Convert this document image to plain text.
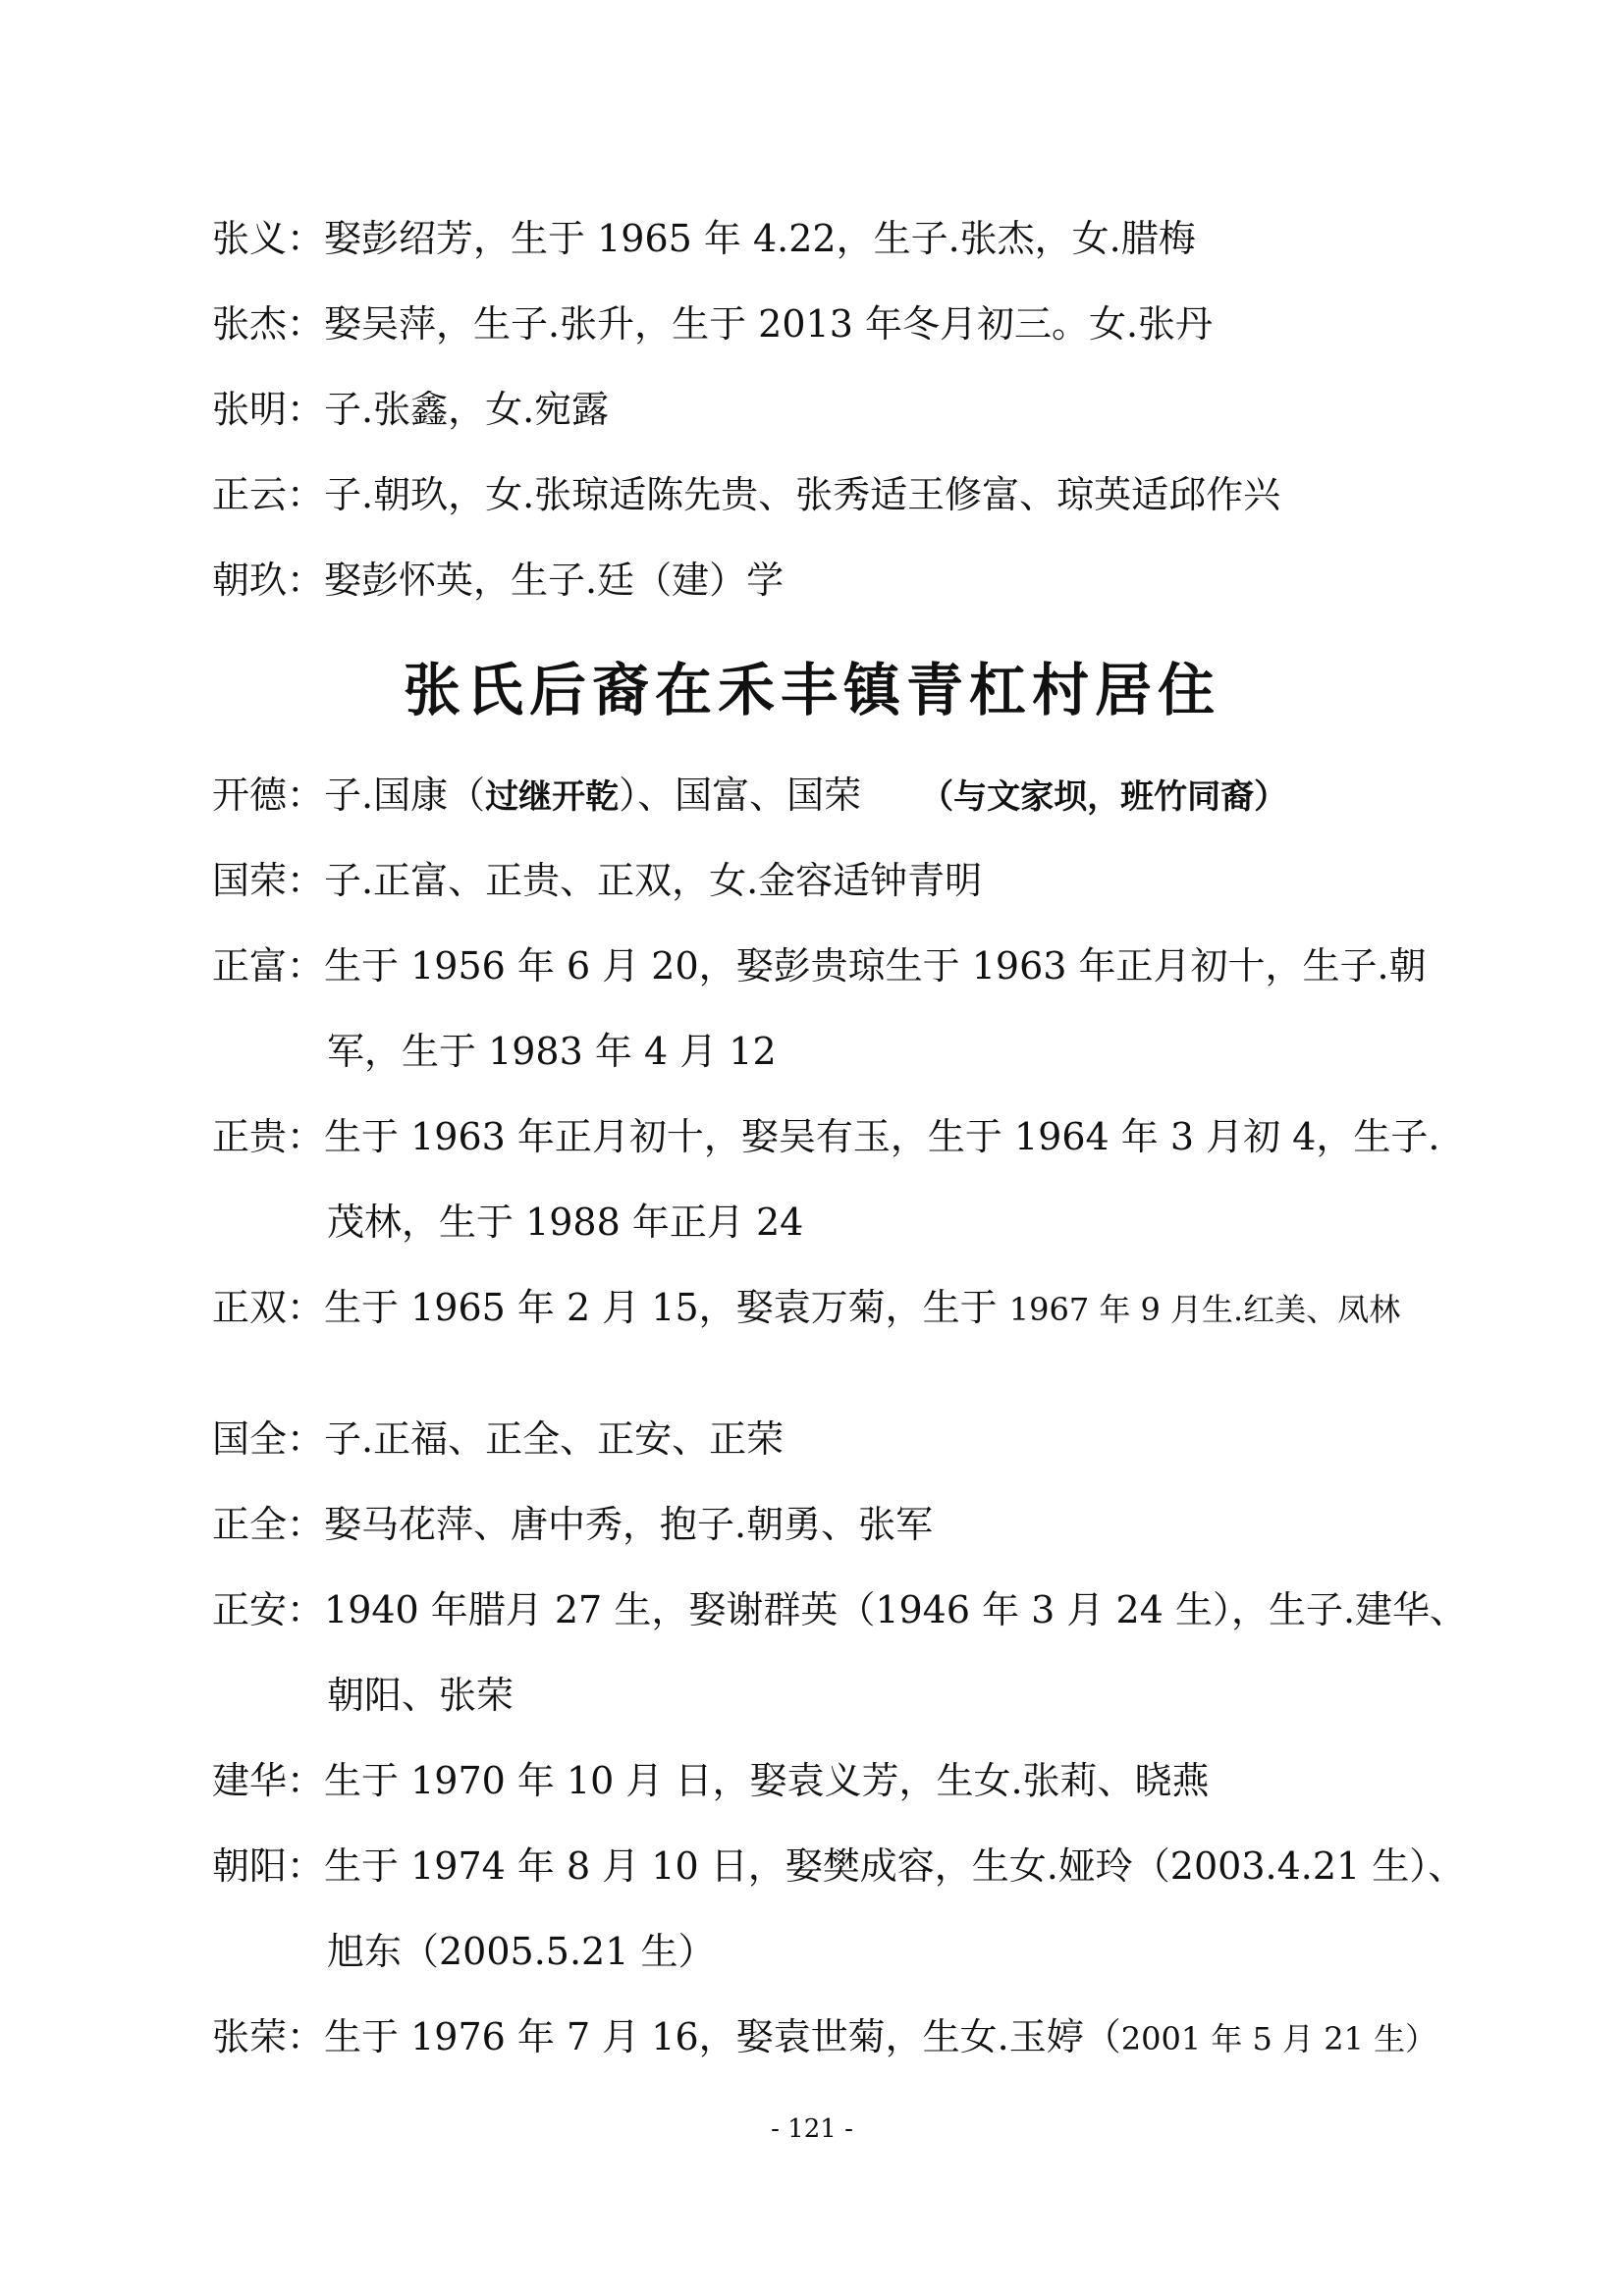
张义：娶彭绍芳，生于 1965 年 4.22，生子.张杰，女.腊梅
张杰：娶吴萍，生子.张升，生于 2013 年冬月初三。女.张丹
张明：子.张鑫，女.宛露
正云：子.朝玖，女.张琼适陈先贵、张秀适王修富、琼英适邱作兴
朝玖：娶彭怀英，生子.廷（建）学
张氏后裔在禾丰镇青杠村居住
开德：子.国康（过继开乾）、国富、国荣 （与文家坝，班竹同裔）
国荣：子.正富、正贵、正双，女.金容适钟青明
正富：生于 1956 年 6 月 20，娶彭贵琼生于 1963 年正月初十，生子.朝
军，生于 1983 年 4 月 12
正贵：生于 1963 年正月初十，娶吴有玉，生于 1964 年 3 月初 4，生子.
茂林，生于 1988 年正月 24
正双：生于 1965 年 2 月 15，娶袁万菊，生于 1967 年 9 月生.红美、凤林
国全：子.正福、正全、正安、正荣
正全：娶马花萍、唐中秀，抱子.朝勇、张军
正安：1940 年腊月 27 生，娶谢群英（1946 年 3 月 24 生），生子.建华、
朝阳、张荣
建华：生于 1970 年 10 月 日，娶袁义芳，生女.张莉、晓燕
朝阳：生于 1974 年 8 月 10 日，娶樊成容，生女.娅玲（2003.4.21 生）、
旭东（2005.5.21 生）
张荣：生于 1976 年 7 月 16，娶袁世菊，生女.玉婷（2001 年 5 月 21 生）
- 121 -
